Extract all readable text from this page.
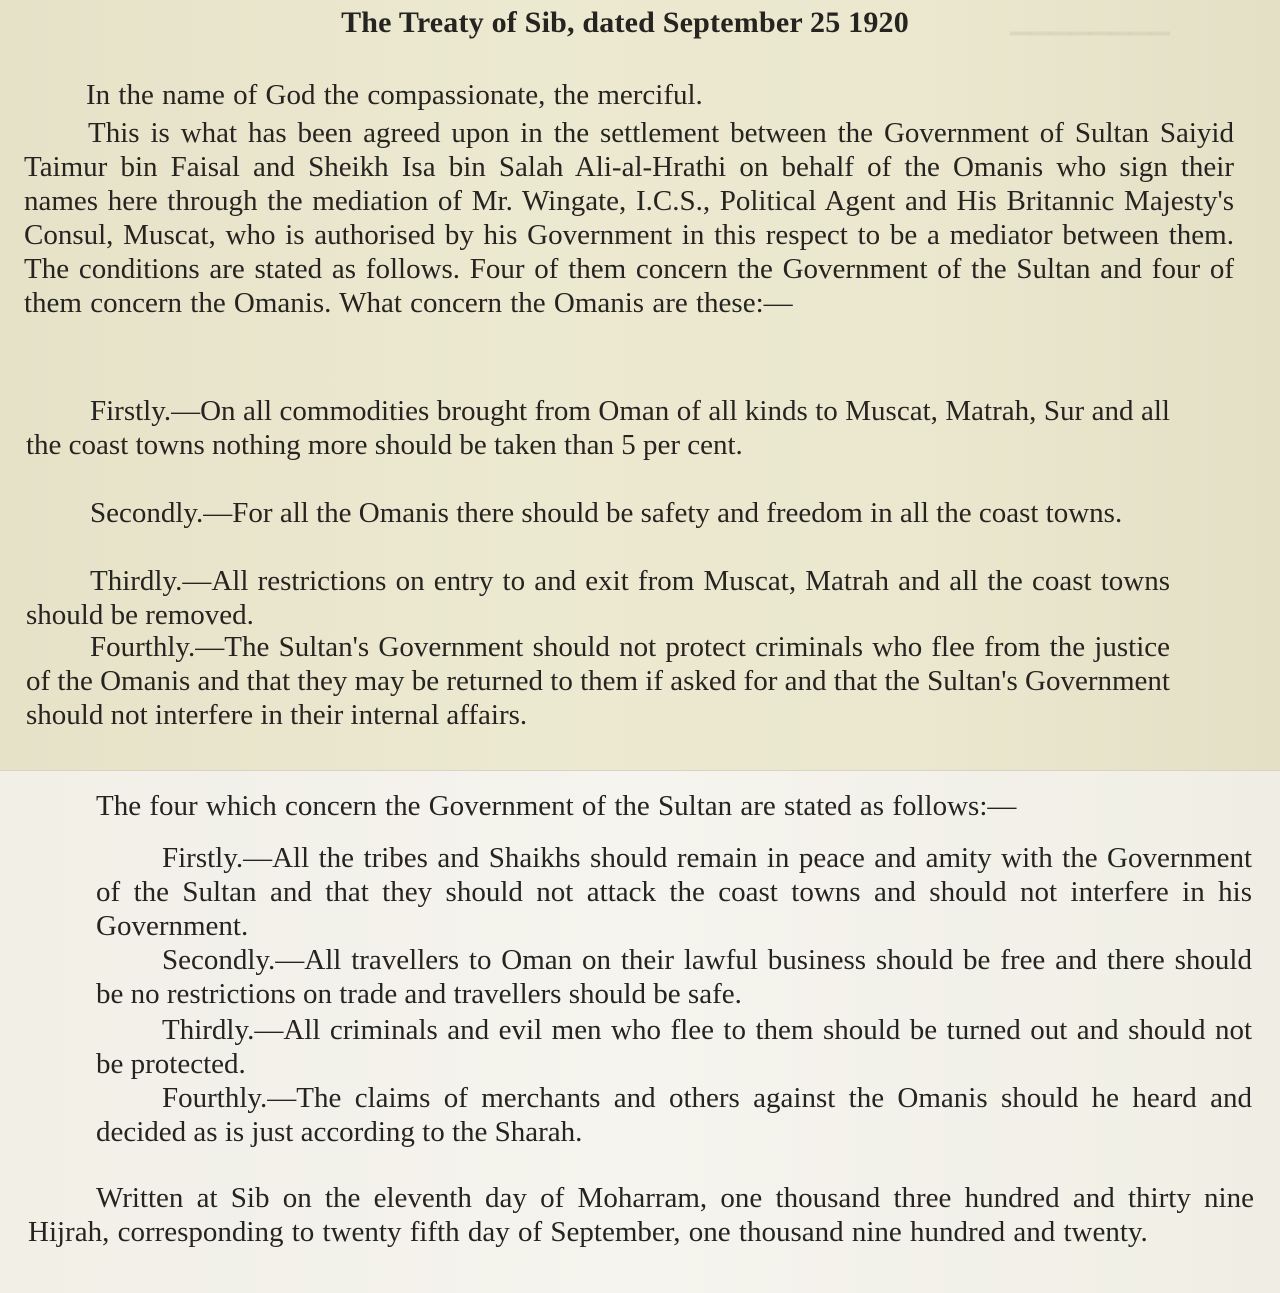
▁▁▁▁▁▁▁▁
The Treaty of Sib, dated September 25 1920

In the name of God the compassionate, the merciful.

This is what has been agreed upon in the settlement between the Government of Sultan Saiyid Taimur bin Faisal and Sheikh Isa bin Salah Ali-al-Hrathi on behalf of the Omanis who sign their names here through the mediation of Mr. Wingate, I.C.S., Political Agent and His Britannic Majesty's Consul, Muscat, who is authorised by his Government in this respect to be a mediator between them. The conditions are stated as follows. Four of them concern the Government of the Sultan and four of them concern the Omanis. What concern the Omanis are these:—

Firstly.—On all commodities brought from Oman of all kinds to Muscat, Matrah, Sur and all the coast towns nothing more should be taken than 5 per cent.

Secondly.—For all the Omanis there should be safety and freedom in all the coast towns.

Thirdly.—All restrictions on entry to and exit from Muscat, Matrah and all the coast towns should be removed.

Fourthly.—The Sultan's Government should not protect criminals who flee from the justice of the Omanis and that they may be returned to them if asked for and that the Sultan's Government should not interfere in their internal affairs.

The four which concern the Government of the Sultan are stated as follows:—

Firstly.—All the tribes and Shaikhs should remain in peace and amity with the Government of the Sultan and that they should not attack the coast towns and should not interfere in his Government.

Secondly.—All travellers to Oman on their lawful business should be free and there should be no restrictions on trade and travellers should be safe.

Thirdly.—All criminals and evil men who flee to them should be turned out and should not be protected.

Fourthly.—The claims of merchants and others against the Omanis should he heard and decided as is just according to the Sharah.

Written at Sib on the eleventh day of Moharram, one thousand three hundred and thirty nine Hijrah, corresponding to twenty fifth day of September, one thousand nine hundred and twenty.
